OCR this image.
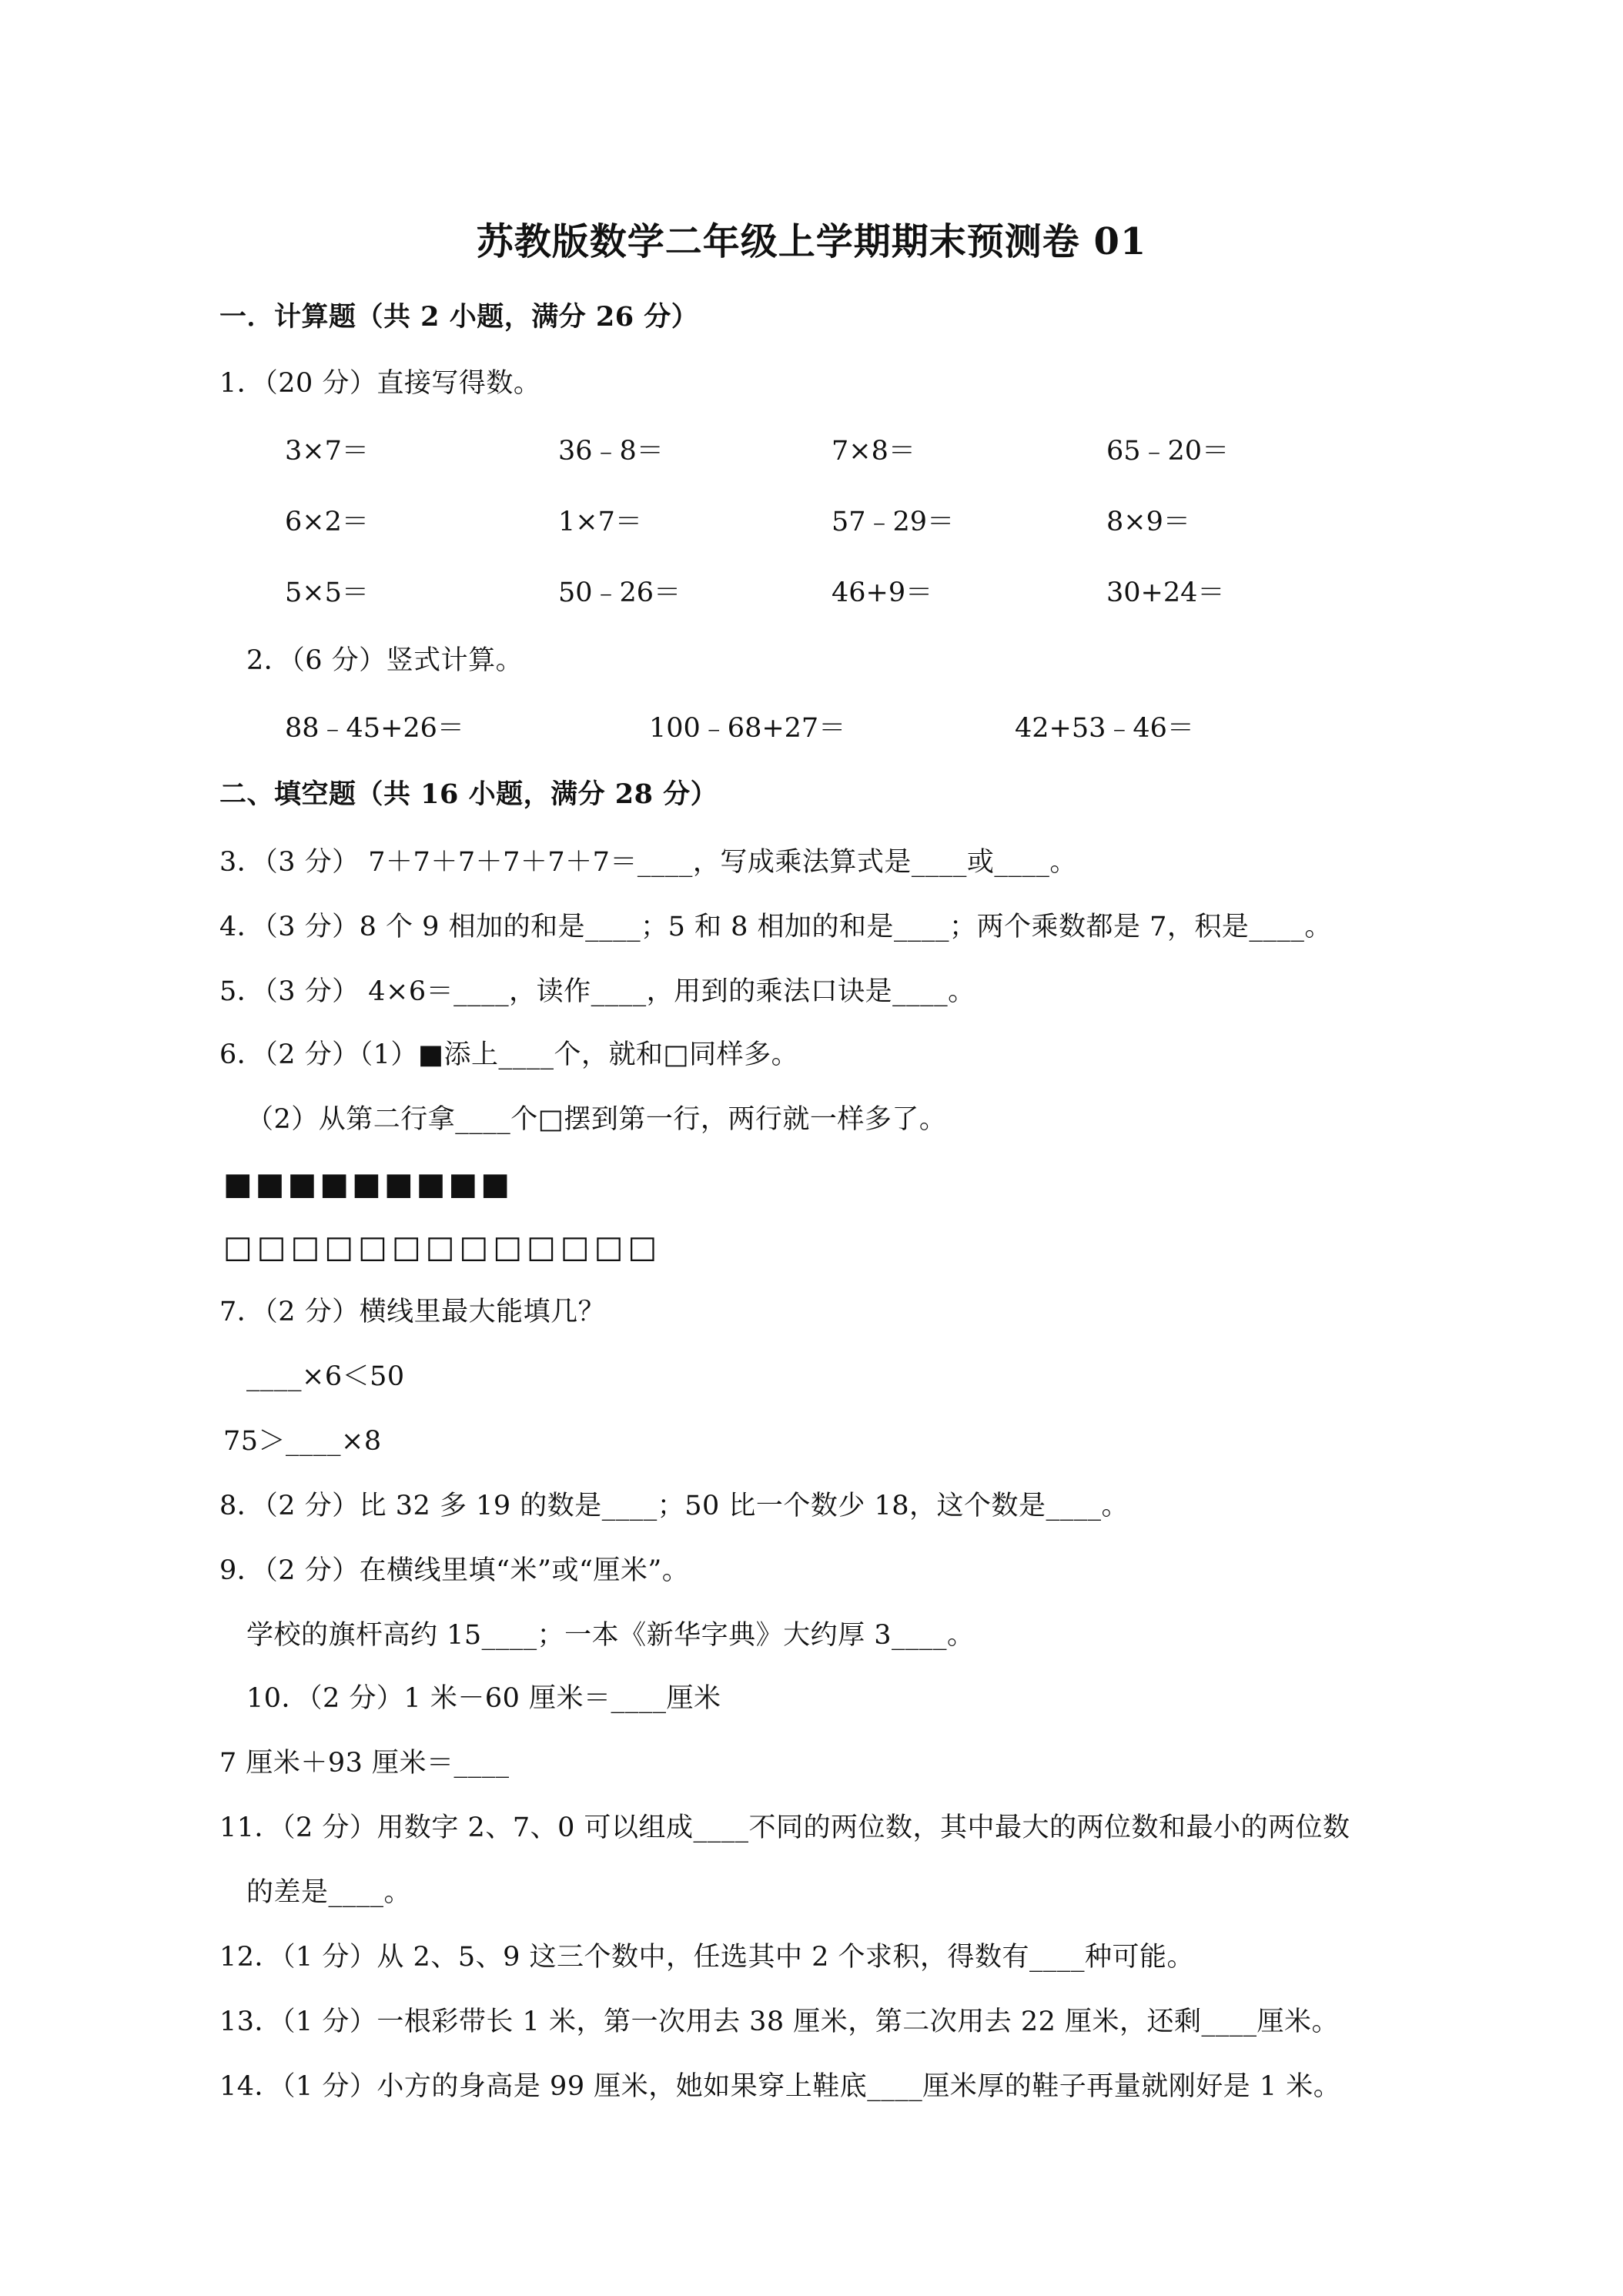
苏教版数学二年级上学期期末预测卷 01
一．计算题（共 2 小题，满分 26 分）
1．（20 分）直接写得数。
3×7＝	36﹣8＝	7×8＝	65﹣20＝
6×2＝	1×7＝	57﹣29＝	8×9＝
5×5＝	50﹣26＝	46+9＝	30+24＝
2．（6 分）竖式计算。
88﹣45+26＝	100﹣68+27＝	42+53﹣46＝
二、填空题（共 16 小题，满分 28 分）
3．（3 分） 7＋7＋7＋7＋7＋7＝____，写成乘法算式是____或____。
4．（3 分）8 个 9 相加的和是____；5 和 8 相加的和是____；两个乘数都是 7，积是____。
5．（3 分） 4×6＝____，读作____，用到的乘法口诀是____。
6．（2 分）（1）■添上____个，就和□同样多。
（2）从第二行拿____个□摆到第一行，两行就一样多了。
■■■■■■■■■
□□□□□□□□□□□□□
7．（2 分）横线里最大能填几？
____×6＜50
75＞____×8
8．（2 分）比 32 多 19 的数是____；50 比一个数少 18，这个数是____。
9．（2 分）在横线里填“米”或“厘米”。
学校的旗杆高约 15____；一本《新华字典》大约厚 3____。
10．（2 分）1 米－60 厘米＝____厘米
7 厘米＋93 厘米＝____
11．（2 分）用数字 2、7、0 可以组成____不同的两位数，其中最大的两位数和最小的两位数
的差是____。
12．（1 分）从 2、5、9 这三个数中，任选其中 2 个求积，得数有____种可能。
13．（1 分）一根彩带长 1 米，第一次用去 38 厘米，第二次用去 22 厘米，还剩____厘米。
14．（1 分）小方的身高是 99 厘米，她如果穿上鞋底____厘米厚的鞋子再量就刚好是 1 米。
